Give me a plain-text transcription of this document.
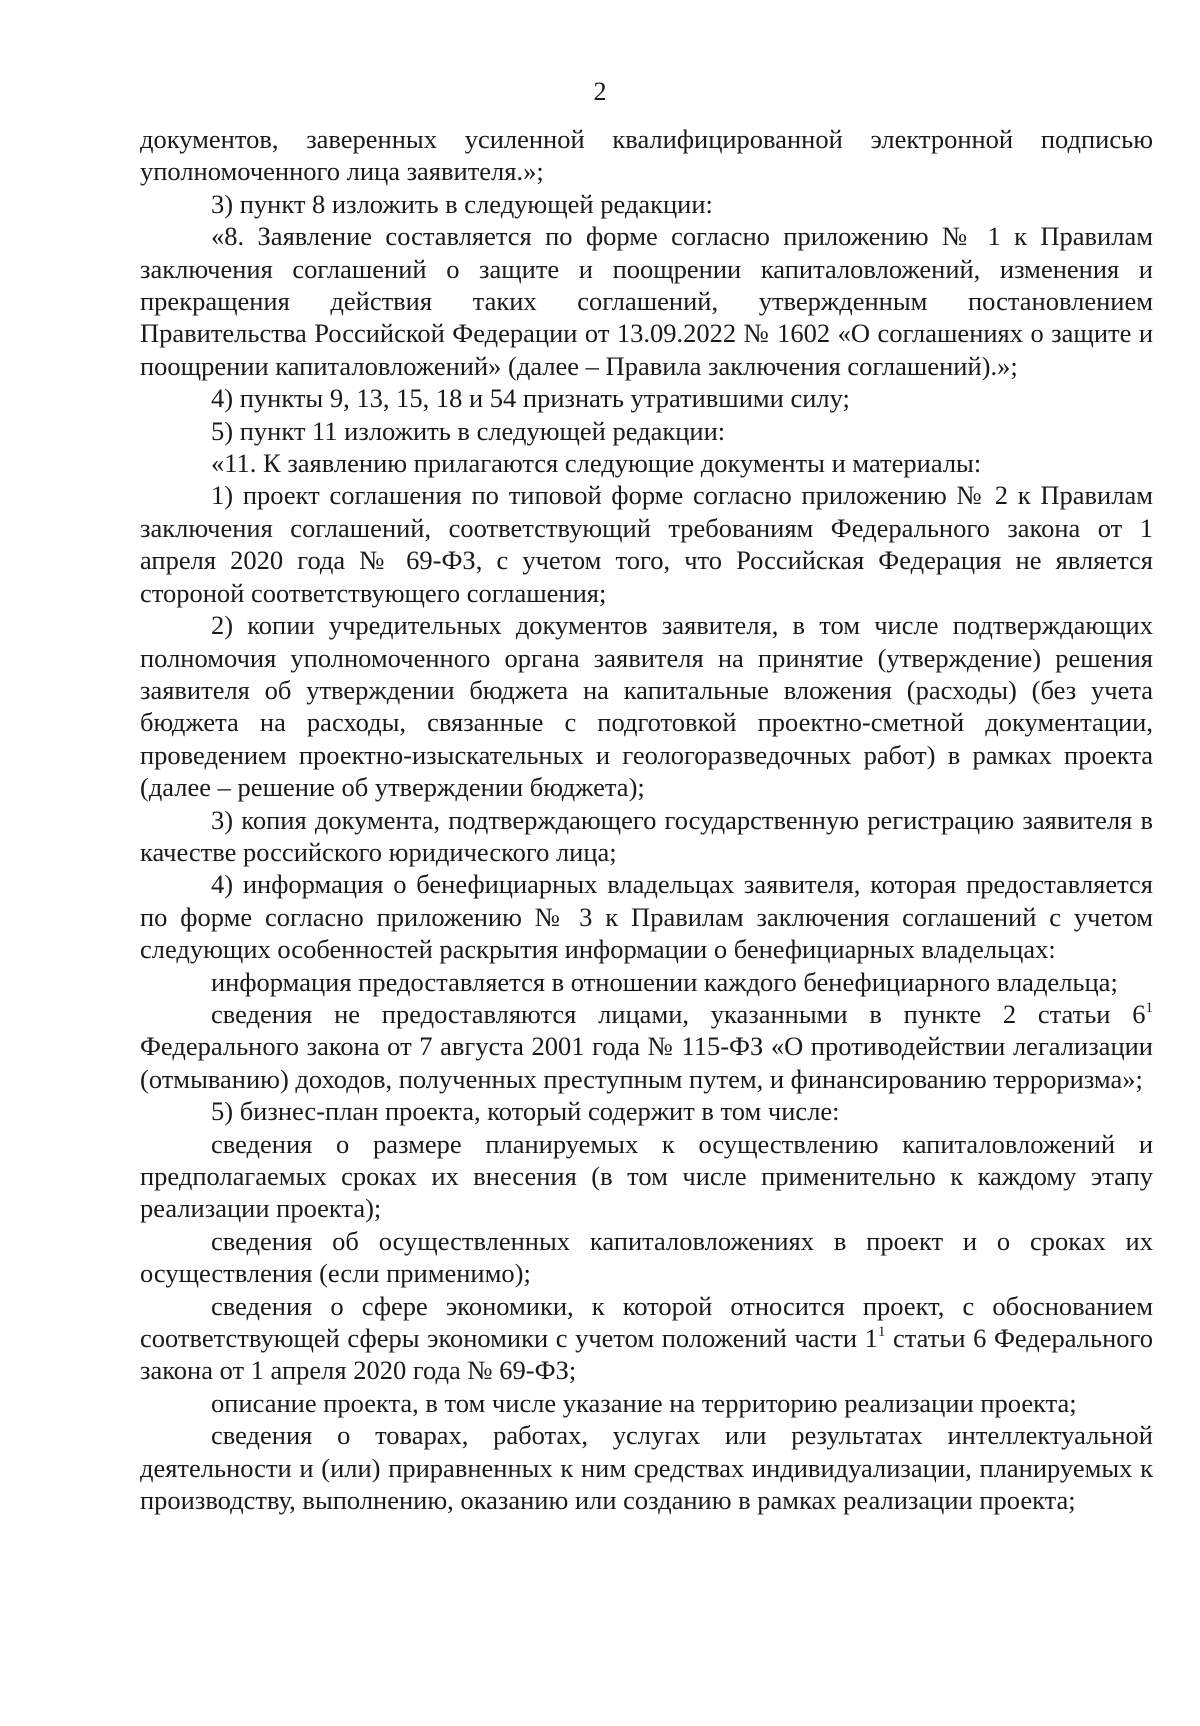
2

документов, заверенных усиленной квалифицированной электронной подписью уполномоченного лица заявителя.»;

3) пункт 8 изложить в следующей редакции:

«8. Заявление составляется по форме согласно приложению № 1 к Правилам заключения соглашений о защите и поощрении капиталовложений, изменения и прекращения действия таких соглашений, утвержденным постановлением Правительства Российской Федерации от 13.09.2022 № 1602 «О соглашениях о защите и поощрении капиталовложений» (далее – Правила заключения соглашений).»;

4) пункты 9, 13, 15, 18 и 54 признать утратившими силу;

5) пункт 11 изложить в следующей редакции:

«11. К заявлению прилагаются следующие документы и материалы:

1) проект соглашения по типовой форме согласно приложению № 2 к Правилам заключения соглашений, соответствующий требованиям Федерального закона от 1 апреля 2020 года № 69-ФЗ, с учетом того, что Российская Федерация не является стороной соответствующего соглашения;

2) копии учредительных документов заявителя, в том числе подтверждающих полномочия уполномоченного органа заявителя на принятие (утверждение) решения заявителя об утверждении бюджета на капитальные вложения (расходы) (без учета бюджета на расходы, связанные с подготовкой проектно-сметной документации, проведением проектно-изыскательных и геологоразведочных работ) в рамках проекта (далее – решение об утверждении бюджета);

3) копия документа, подтверждающего государственную регистрацию заявителя в качестве российского юридического лица;

4) информация о бенефициарных владельцах заявителя, которая предоставляется по форме согласно приложению № 3 к Правилам заключения соглашений с учетом следующих особенностей раскрытия информации о бенефициарных владельцах:

информация предоставляется в отношении каждого бенефициарного владельца;

сведения не предоставляются лицами, указанными в пункте 2 статьи $6^1$ Федерального закона от 7 августа 2001 года № 115-ФЗ «О противодействии легализации (отмыванию) доходов, полученных преступным путем, и финансированию терроризма»;

5) бизнес-план проекта, который содержит в том числе:

сведения о размере планируемых к осуществлению капиталовложений и предполагаемых сроках их внесения (в том числе применительно к каждому этапу реализации проекта);

сведения об осуществленных капиталовложениях в проект и о сроках их осуществления (если применимо);

сведения о сфере экономики, к которой относится проект, с обоснованием соответствующей сферы экономики с учетом положений части $1^1$ статьи 6 Федерального закона от 1 апреля 2020 года № 69-ФЗ;

описание проекта, в том числе указание на территорию реализации проекта;

сведения о товарах, работах, услугах или результатах интеллектуальной деятельности и (или) приравненных к ним средствах индивидуализации, планируемых к производству, выполнению, оказанию или созданию в рамках реализации проекта;
